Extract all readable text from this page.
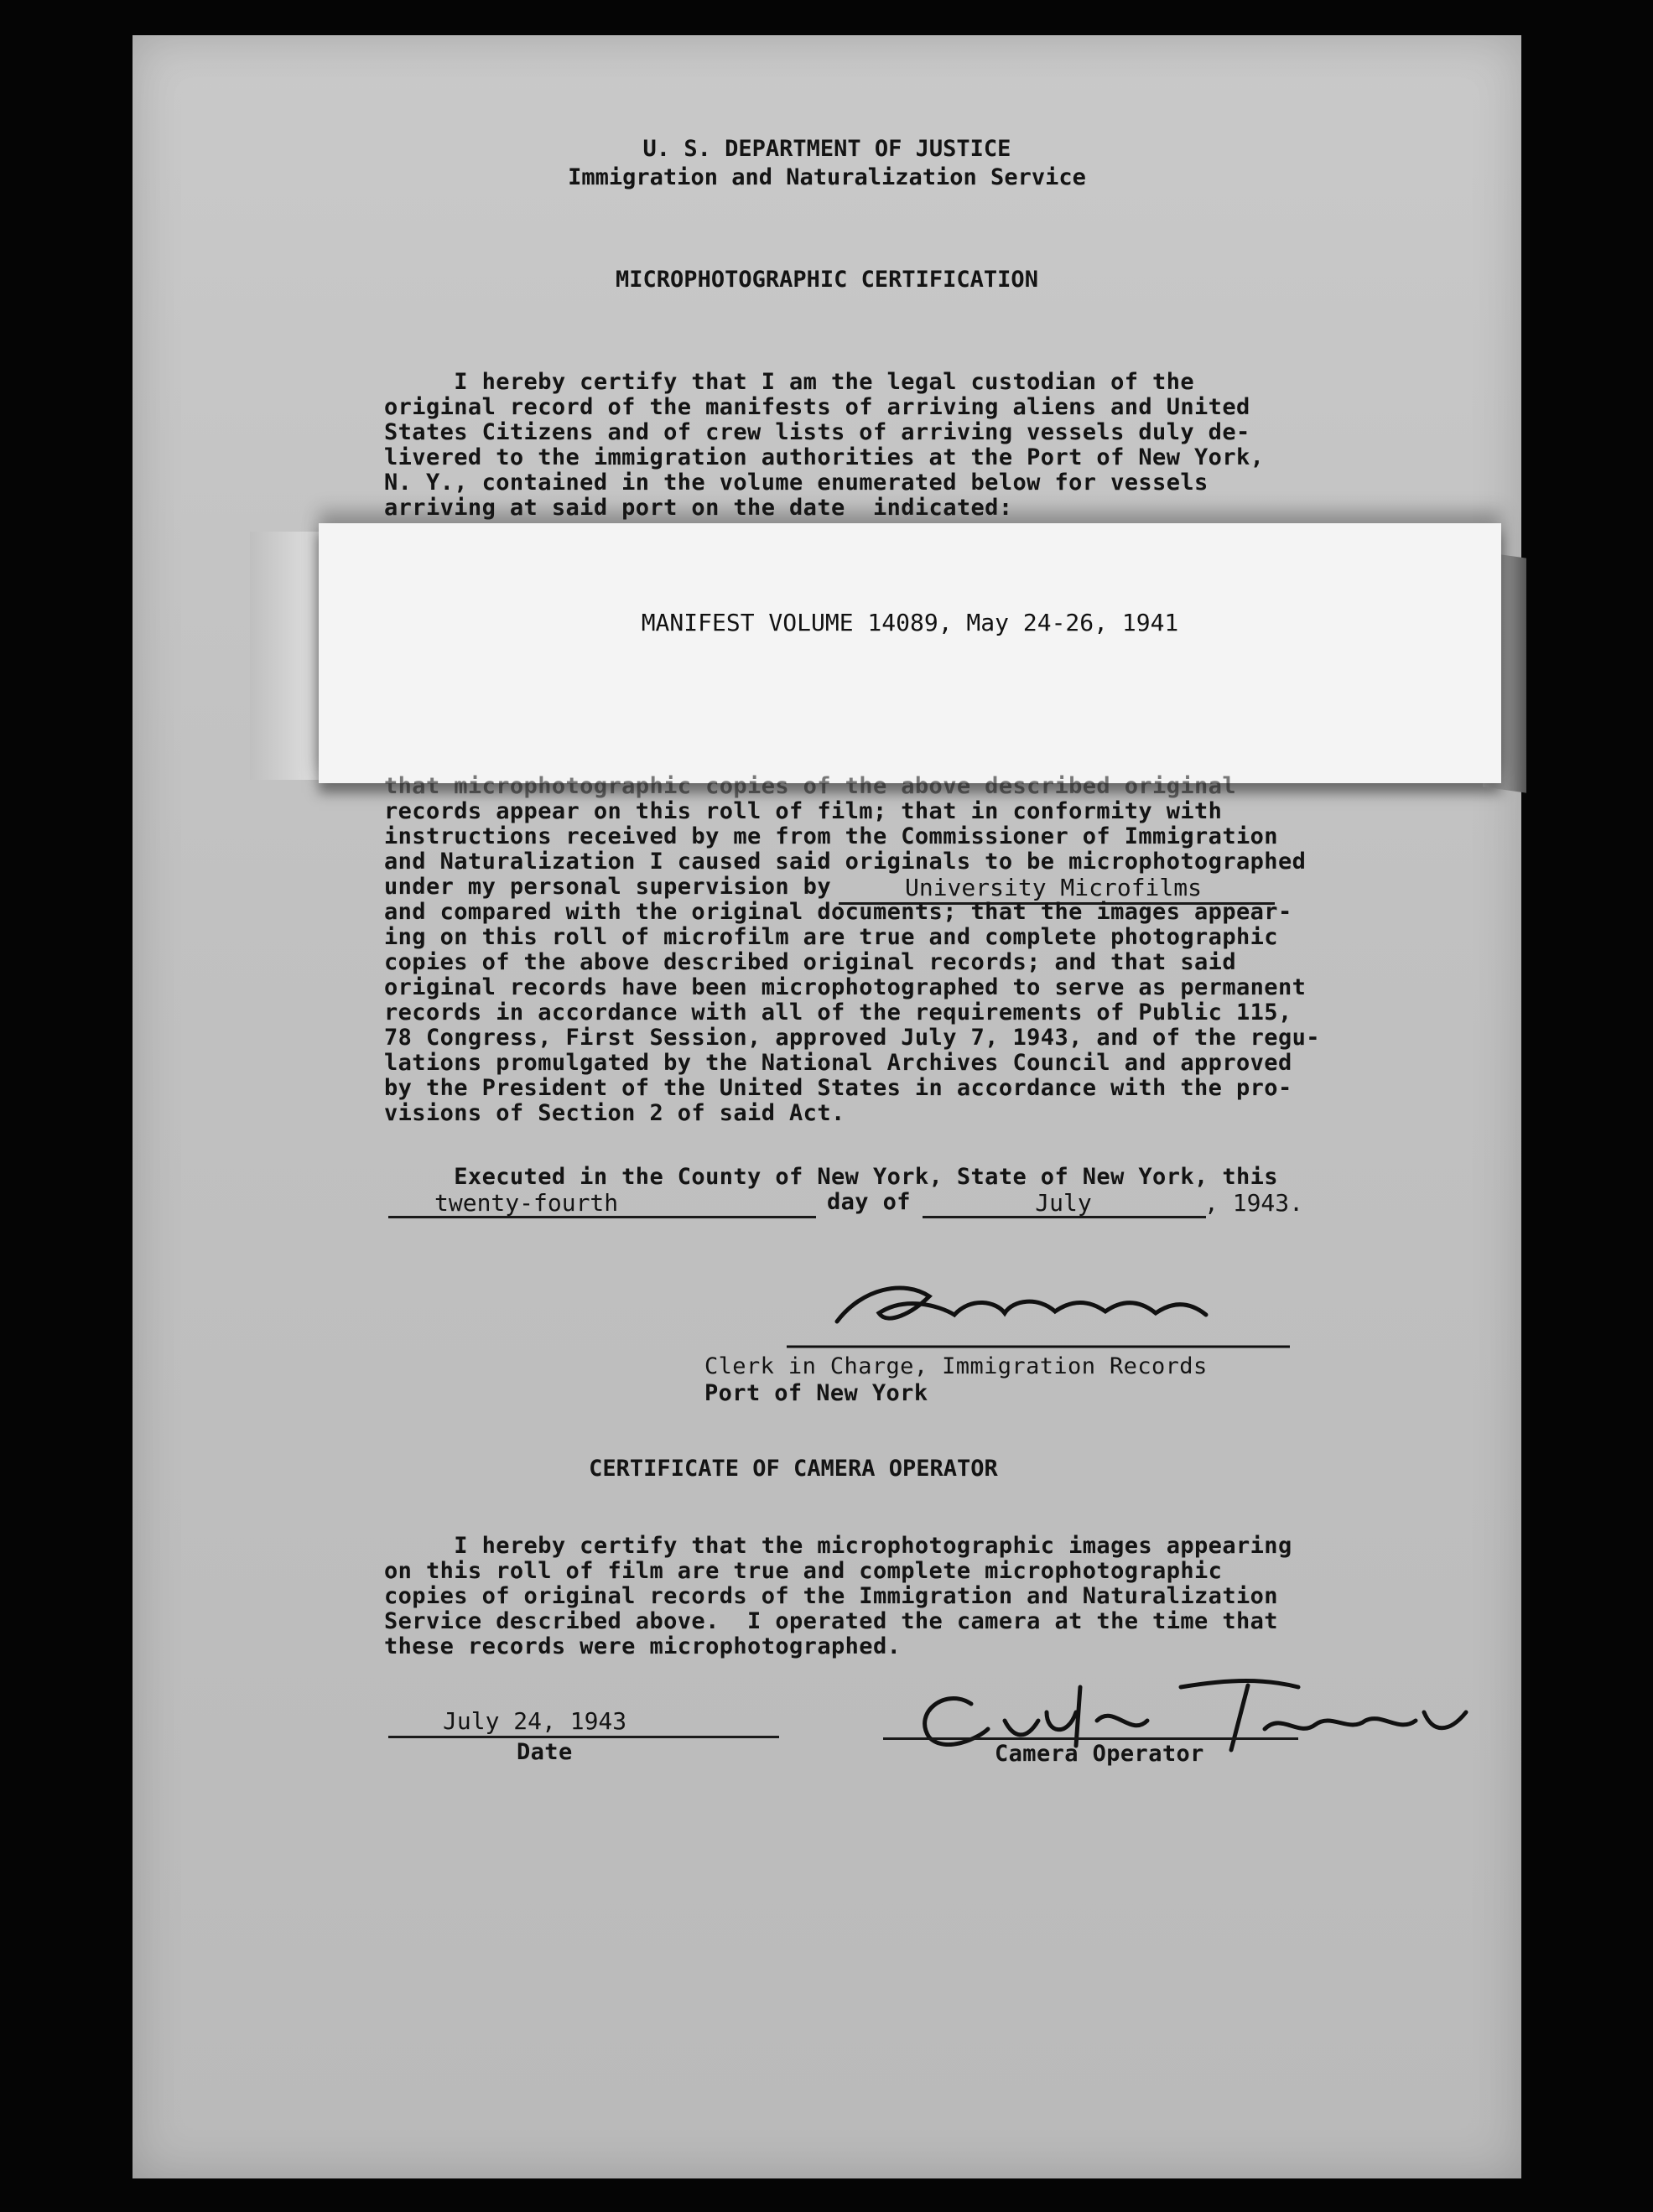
U. S. DEPARTMENT OF JUSTICE
Immigration and Naturalization Service
MICROPHOTOGRAPHIC CERTIFICATION
I hereby certify that I am the legal custodian of the
original record of the manifests of arriving aliens and United
States Citizens and of crew lists of arriving vessels duly de-
livered to the immigration authorities at the Port of New York,
N. Y., contained in the volume enumerated below for vessels
arriving at said port on the date  indicated:
MANIFEST VOLUME 14089, May 24-26, 1941
that microphotographic copies of the above described original
records appear on this roll of film; that in conformity with
instructions received by me from the Commissioner of Immigration
and Naturalization I caused said originals to be microphotographed
under my personal supervision by	University Microfilms
and compared with the original documents; that the images appear-
ing on this roll of microfilm are true and complete photographic
copies of the above described original records; and that said
original records have been microphotographed to serve as permanent
records in accordance with all of the requirements of Public 115,
78 Congress, First Session, approved July 7, 1943, and of the regu-
lations promulgated by the National Archives Council and approved
by the President of the United States in accordance with the pro-
visions of Section 2 of said Act.
Executed in the County of New York, State of New York, this
twenty-fourth	day of	July	, 1943.
Clerk in Charge, Immigration Records
Port of New York
CERTIFICATE OF CAMERA OPERATOR
I hereby certify that the microphotographic images appearing
on this roll of film are true and complete microphotographic
copies of original records of the Immigration and Naturalization
Service described above.  I operated the camera at the time that
these records were microphotographed.
July 24, 1943
Date	Camera Operator
